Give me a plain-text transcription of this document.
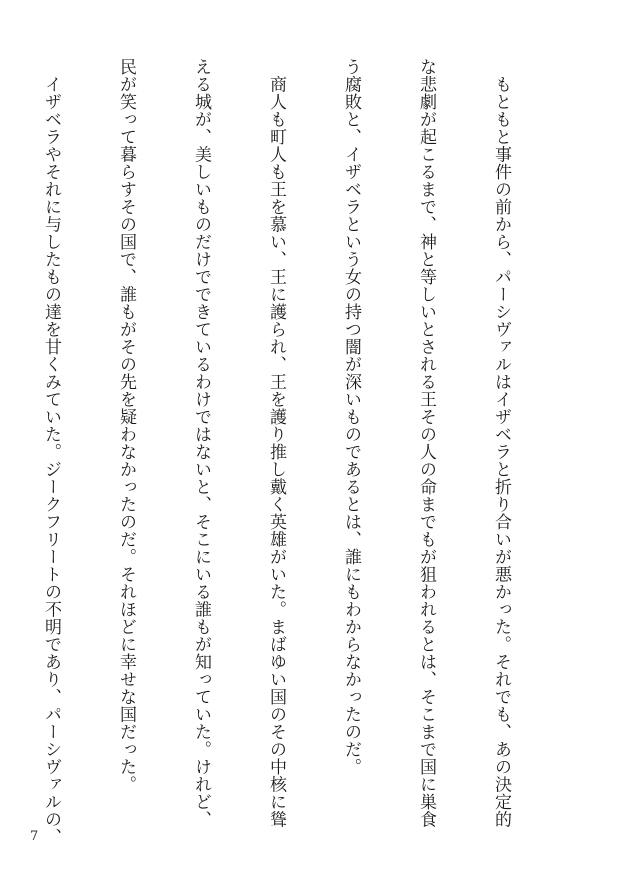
　もともと事件の前から、パーシヴァルはイザベラと折り合いが悪かった。それでも、あの決定的

な悲劇が起こるまで、神と等しいとされる王その人の命までもが狙われるとは、そこまで国に巣食

う腐敗と、イザベラという女の持つ闇が深いものであるとは、誰にもわからなかったのだ。

　商人も町人も王を慕い、王に護られ、王を護り推し戴く英雄がいた。まばゆい国のその中核に聳

える城が、美しいものだけでできているわけではないと、そこにいる誰もが知っていた。けれど、

民が笑って暮らすその国で、誰もがその先を疑わなかったのだ。それほどに幸せな国だった。

　イザベラやそれに与したもの達を甘くみていた。ジークフリートの不明であり、パーシヴァルの、

7
